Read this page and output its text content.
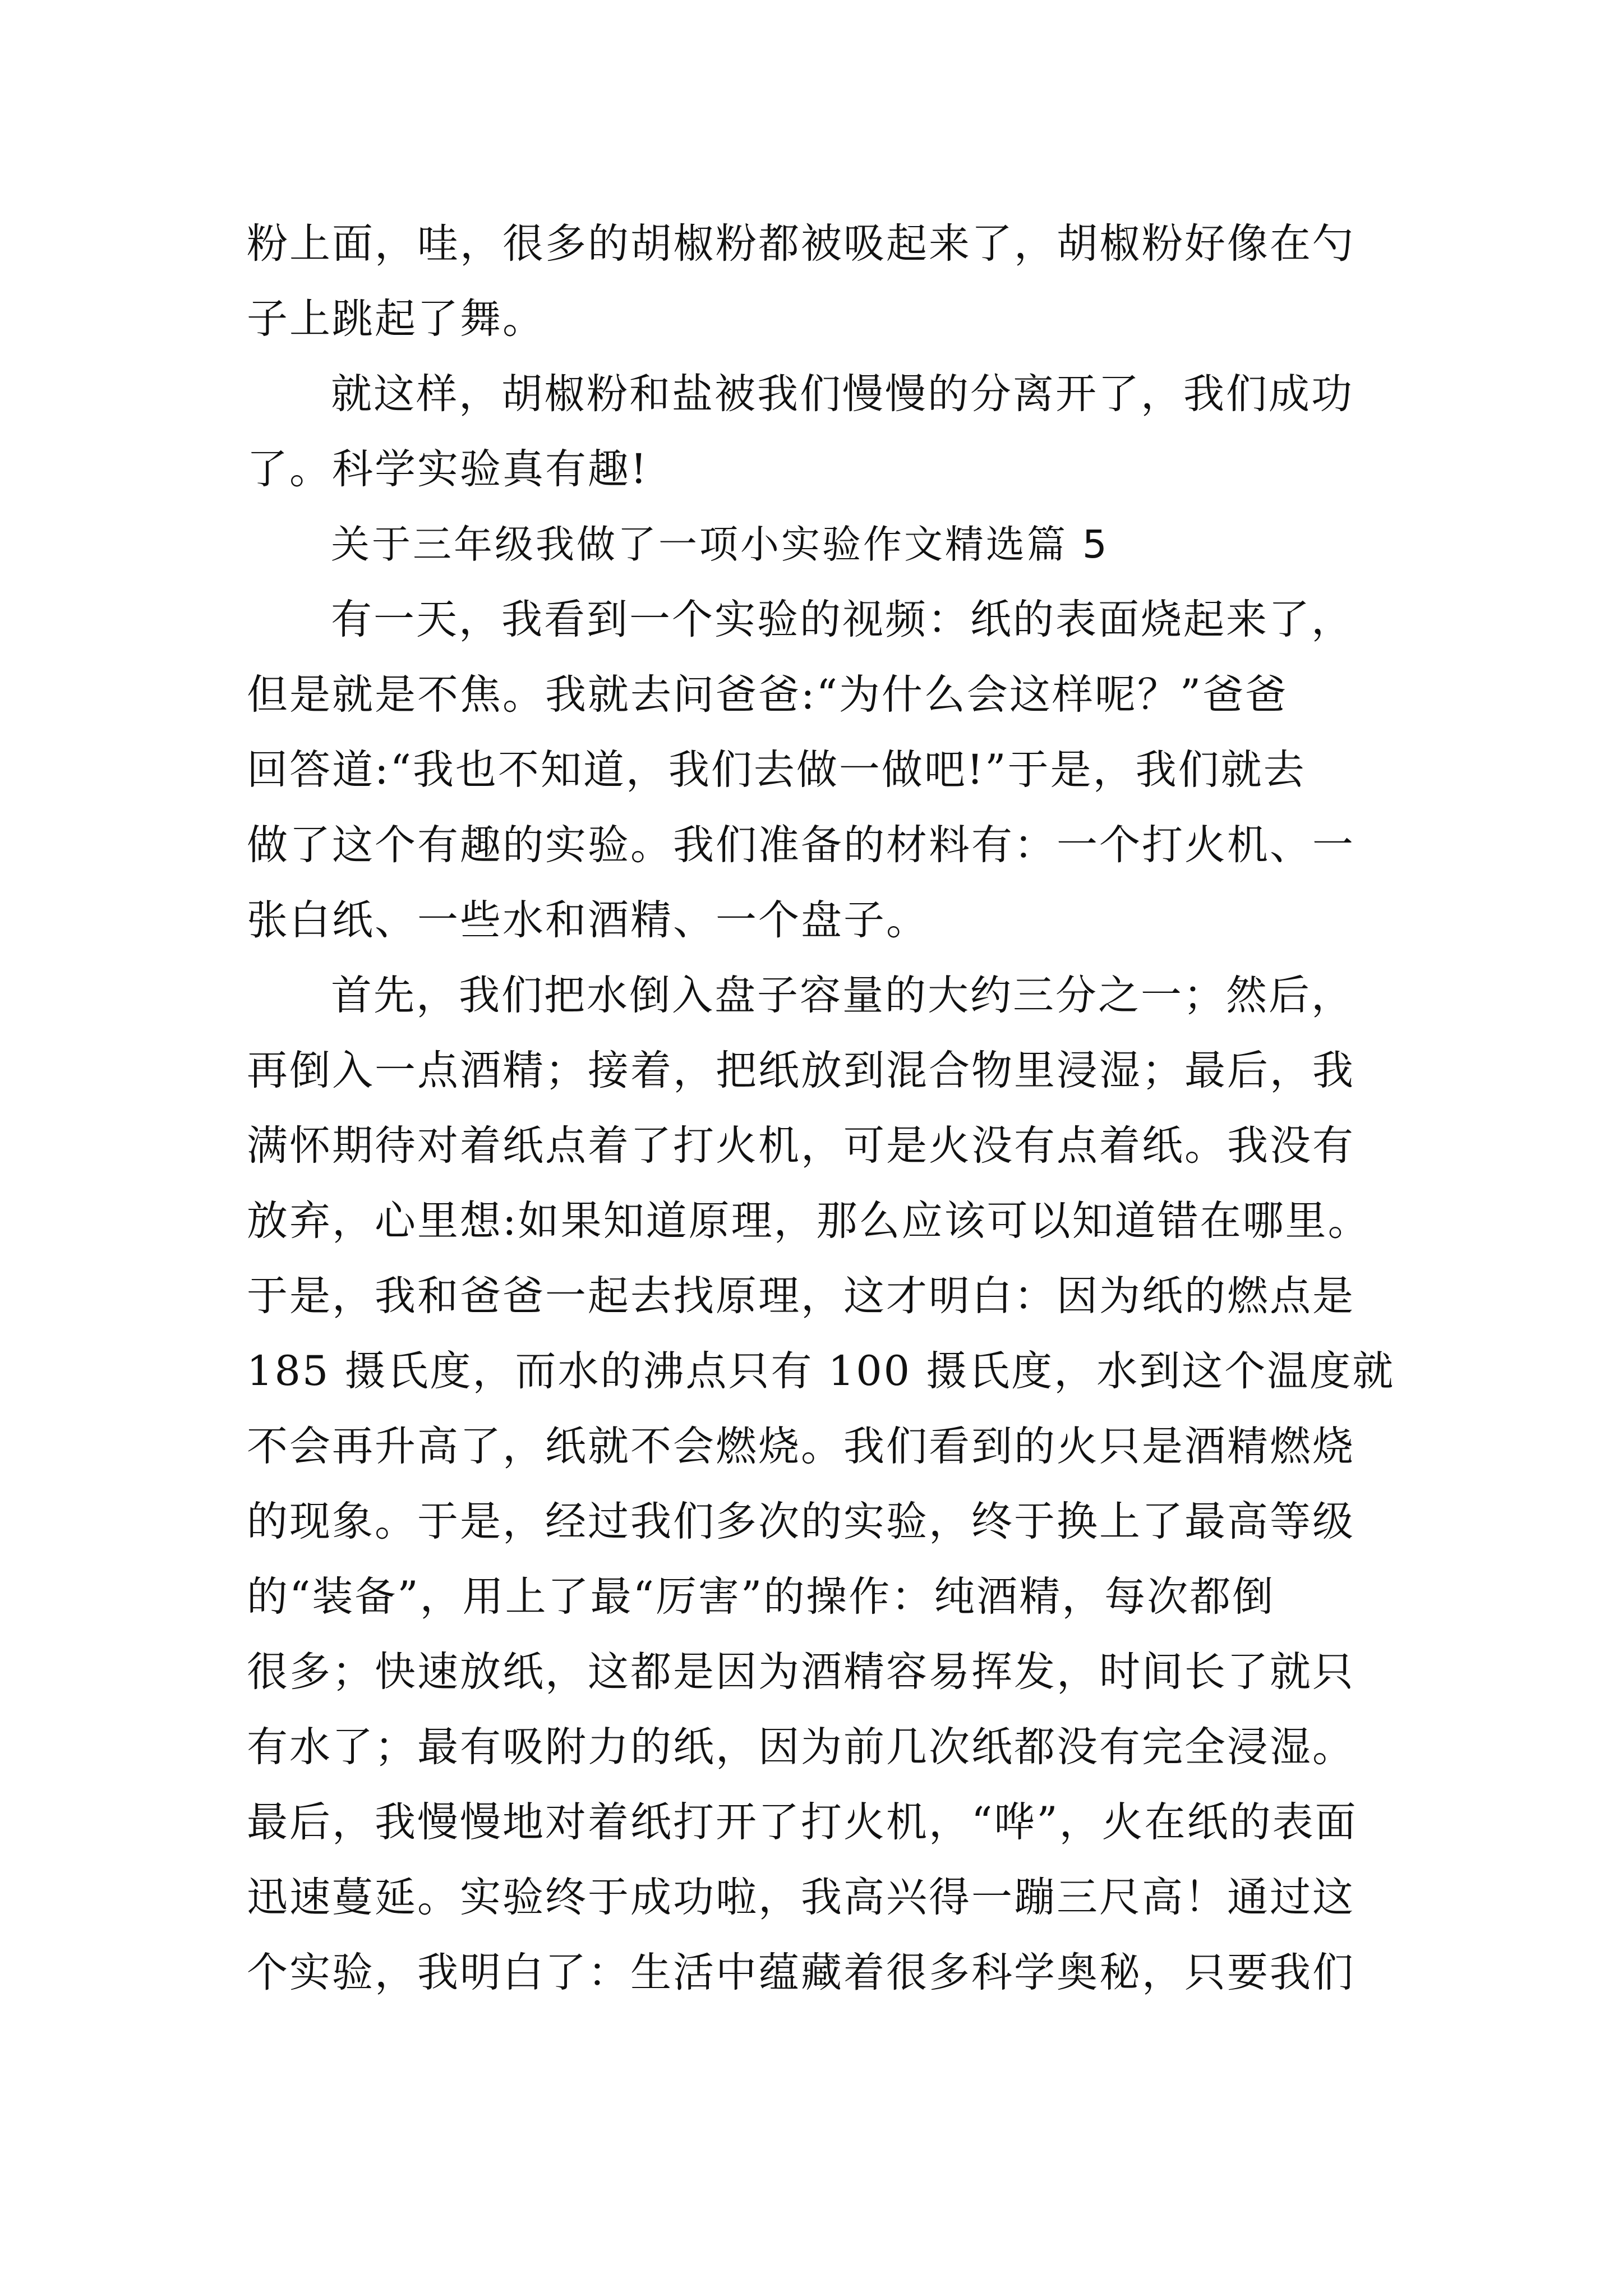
粉上面，哇，很多的胡椒粉都被吸起来了，胡椒粉好像在勺
子上跳起了舞。
就这样，胡椒粉和盐被我们慢慢的分离开了，我们成功
了。科学实验真有趣!
关于三年级我做了一项小实验作文精选篇 5
有一天，我看到一个实验的视频：纸的表面烧起来了，
但是就是不焦。我就去问爸爸:“为什么会这样呢？”爸爸
回答道:“我也不知道，我们去做一做吧!”于是，我们就去
做了这个有趣的实验。我们准备的材料有：一个打火机、一
张白纸、一些水和酒精、一个盘子。
首先，我们把水倒入盘子容量的大约三分之一；然后，
再倒入一点酒精；接着，把纸放到混合物里浸湿；最后，我
满怀期待对着纸点着了打火机，可是火没有点着纸。我没有
放弃，心里想:如果知道原理，那么应该可以知道错在哪里。
于是，我和爸爸一起去找原理，这才明白：因为纸的燃点是
185 摄氏度，而水的沸点只有 100 摄氏度，水到这个温度就
不会再升高了，纸就不会燃烧。我们看到的火只是酒精燃烧
的现象。于是，经过我们多次的实验，终于换上了最高等级
的“装备”，用上了最“厉害”的操作：纯酒精，每次都倒
很多；快速放纸，这都是因为酒精容易挥发，时间长了就只
有水了；最有吸附力的纸，因为前几次纸都没有完全浸湿。
最后，我慢慢地对着纸打开了打火机，“哗”，火在纸的表面
迅速蔓延。实验终于成功啦，我高兴得一蹦三尺高！通过这
个实验，我明白了：生活中蕴藏着很多科学奥秘，只要我们
